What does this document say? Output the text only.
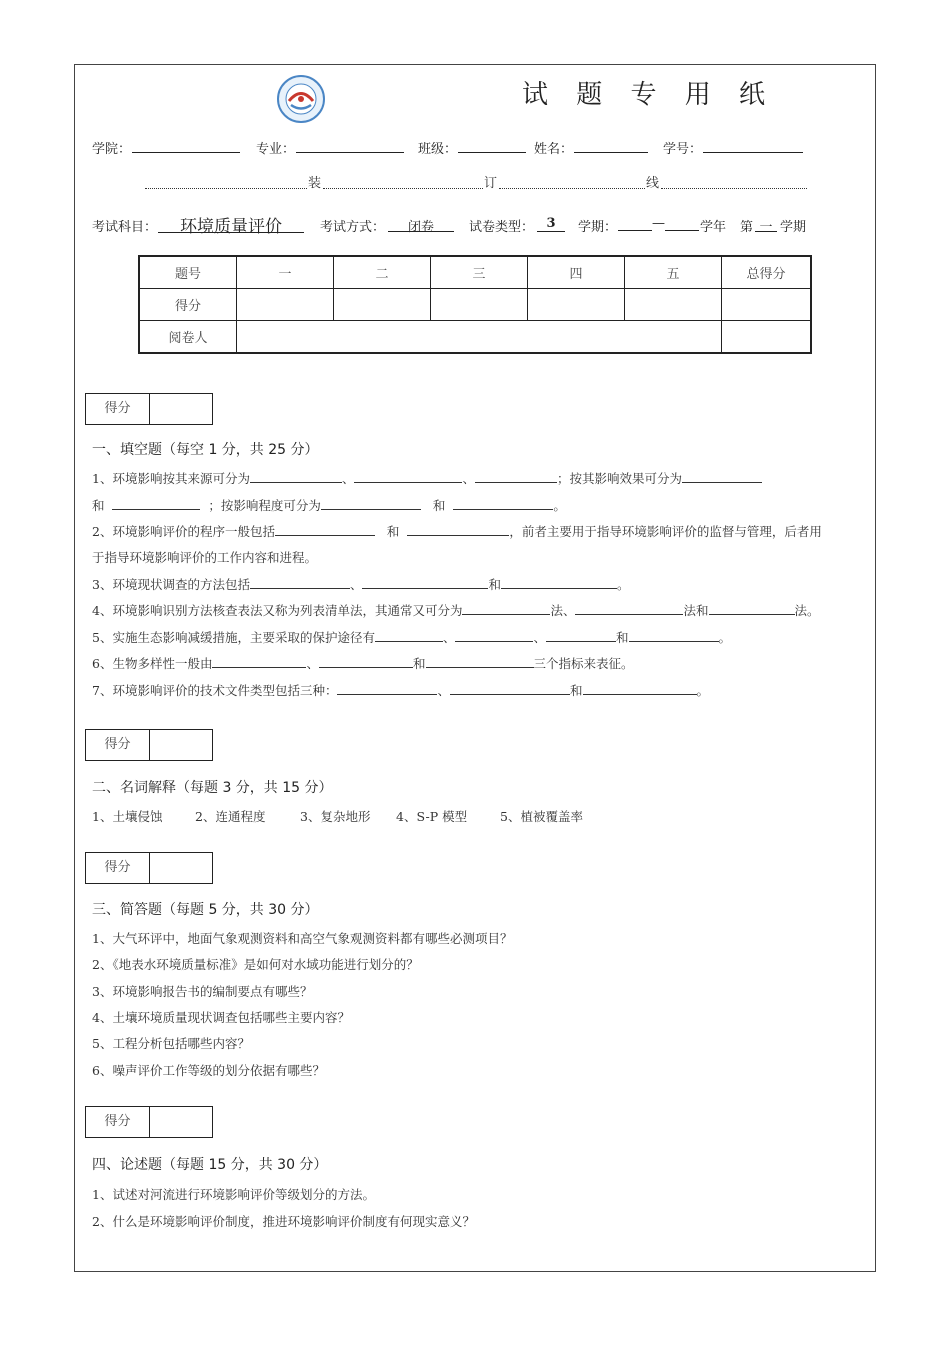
试 题 专 用 纸
学院：	专业：	班级：	姓名：	学号：
装	订	线
考试科目：	环境质量评价	考试方式：	闭卷	试卷类型： 3	学期：	—	学年 第 一 学期
题号	一	二	三	四	五	总得分
得分						
阅卷人						
得分
一、填空题（每空 1 分，共 25 分）
1、环境影响按其来源可分为	、	、	；按其影响效果可分为
和	；按影响程度可分为	和	。
2、环境影响评价的程序一般包括	和	，前者主要用于指导环境影响评价的监督与管理，后者用
于指导环境影响评价的工作内容和进程。
3、环境现状调查的方法包括	、	和	。
4、环境影响识别方法核查表法又称为列表清单法，其通常又可分为	法、	法和	法。
5、实施生态影响减缓措施，主要采取的保护途径有	、	、	和	。
6、生物多样性一般由	、	和	三个指标来表征。
7、环境影响评价的技术文件类型包括三种：	、	和	。
得分
二、名词解释（每题 3 分，共 15 分）
1、土壤侵蚀	2、连通程度	3、复杂地形 4、S-P 模型	5、植被覆盖率
得分
三、简答题（每题 5 分，共 30 分）
1、大气环评中，地面气象观测资料和高空气象观测资料都有哪些必测项目？
2、《地表水环境质量标准》是如何对水域功能进行划分的？
3、环境影响报告书的编制要点有哪些？
4、土壤环境质量现状调查包括哪些主要内容？
5、工程分析包括哪些内容？
6、噪声评价工作等级的划分依据有哪些？
得分
四、论述题（每题 15 分，共 30 分）
1、试述对河流进行环境影响评价等级划分的方法。
2、什么是环境影响评价制度，推进环境影响评价制度有何现实意义？
